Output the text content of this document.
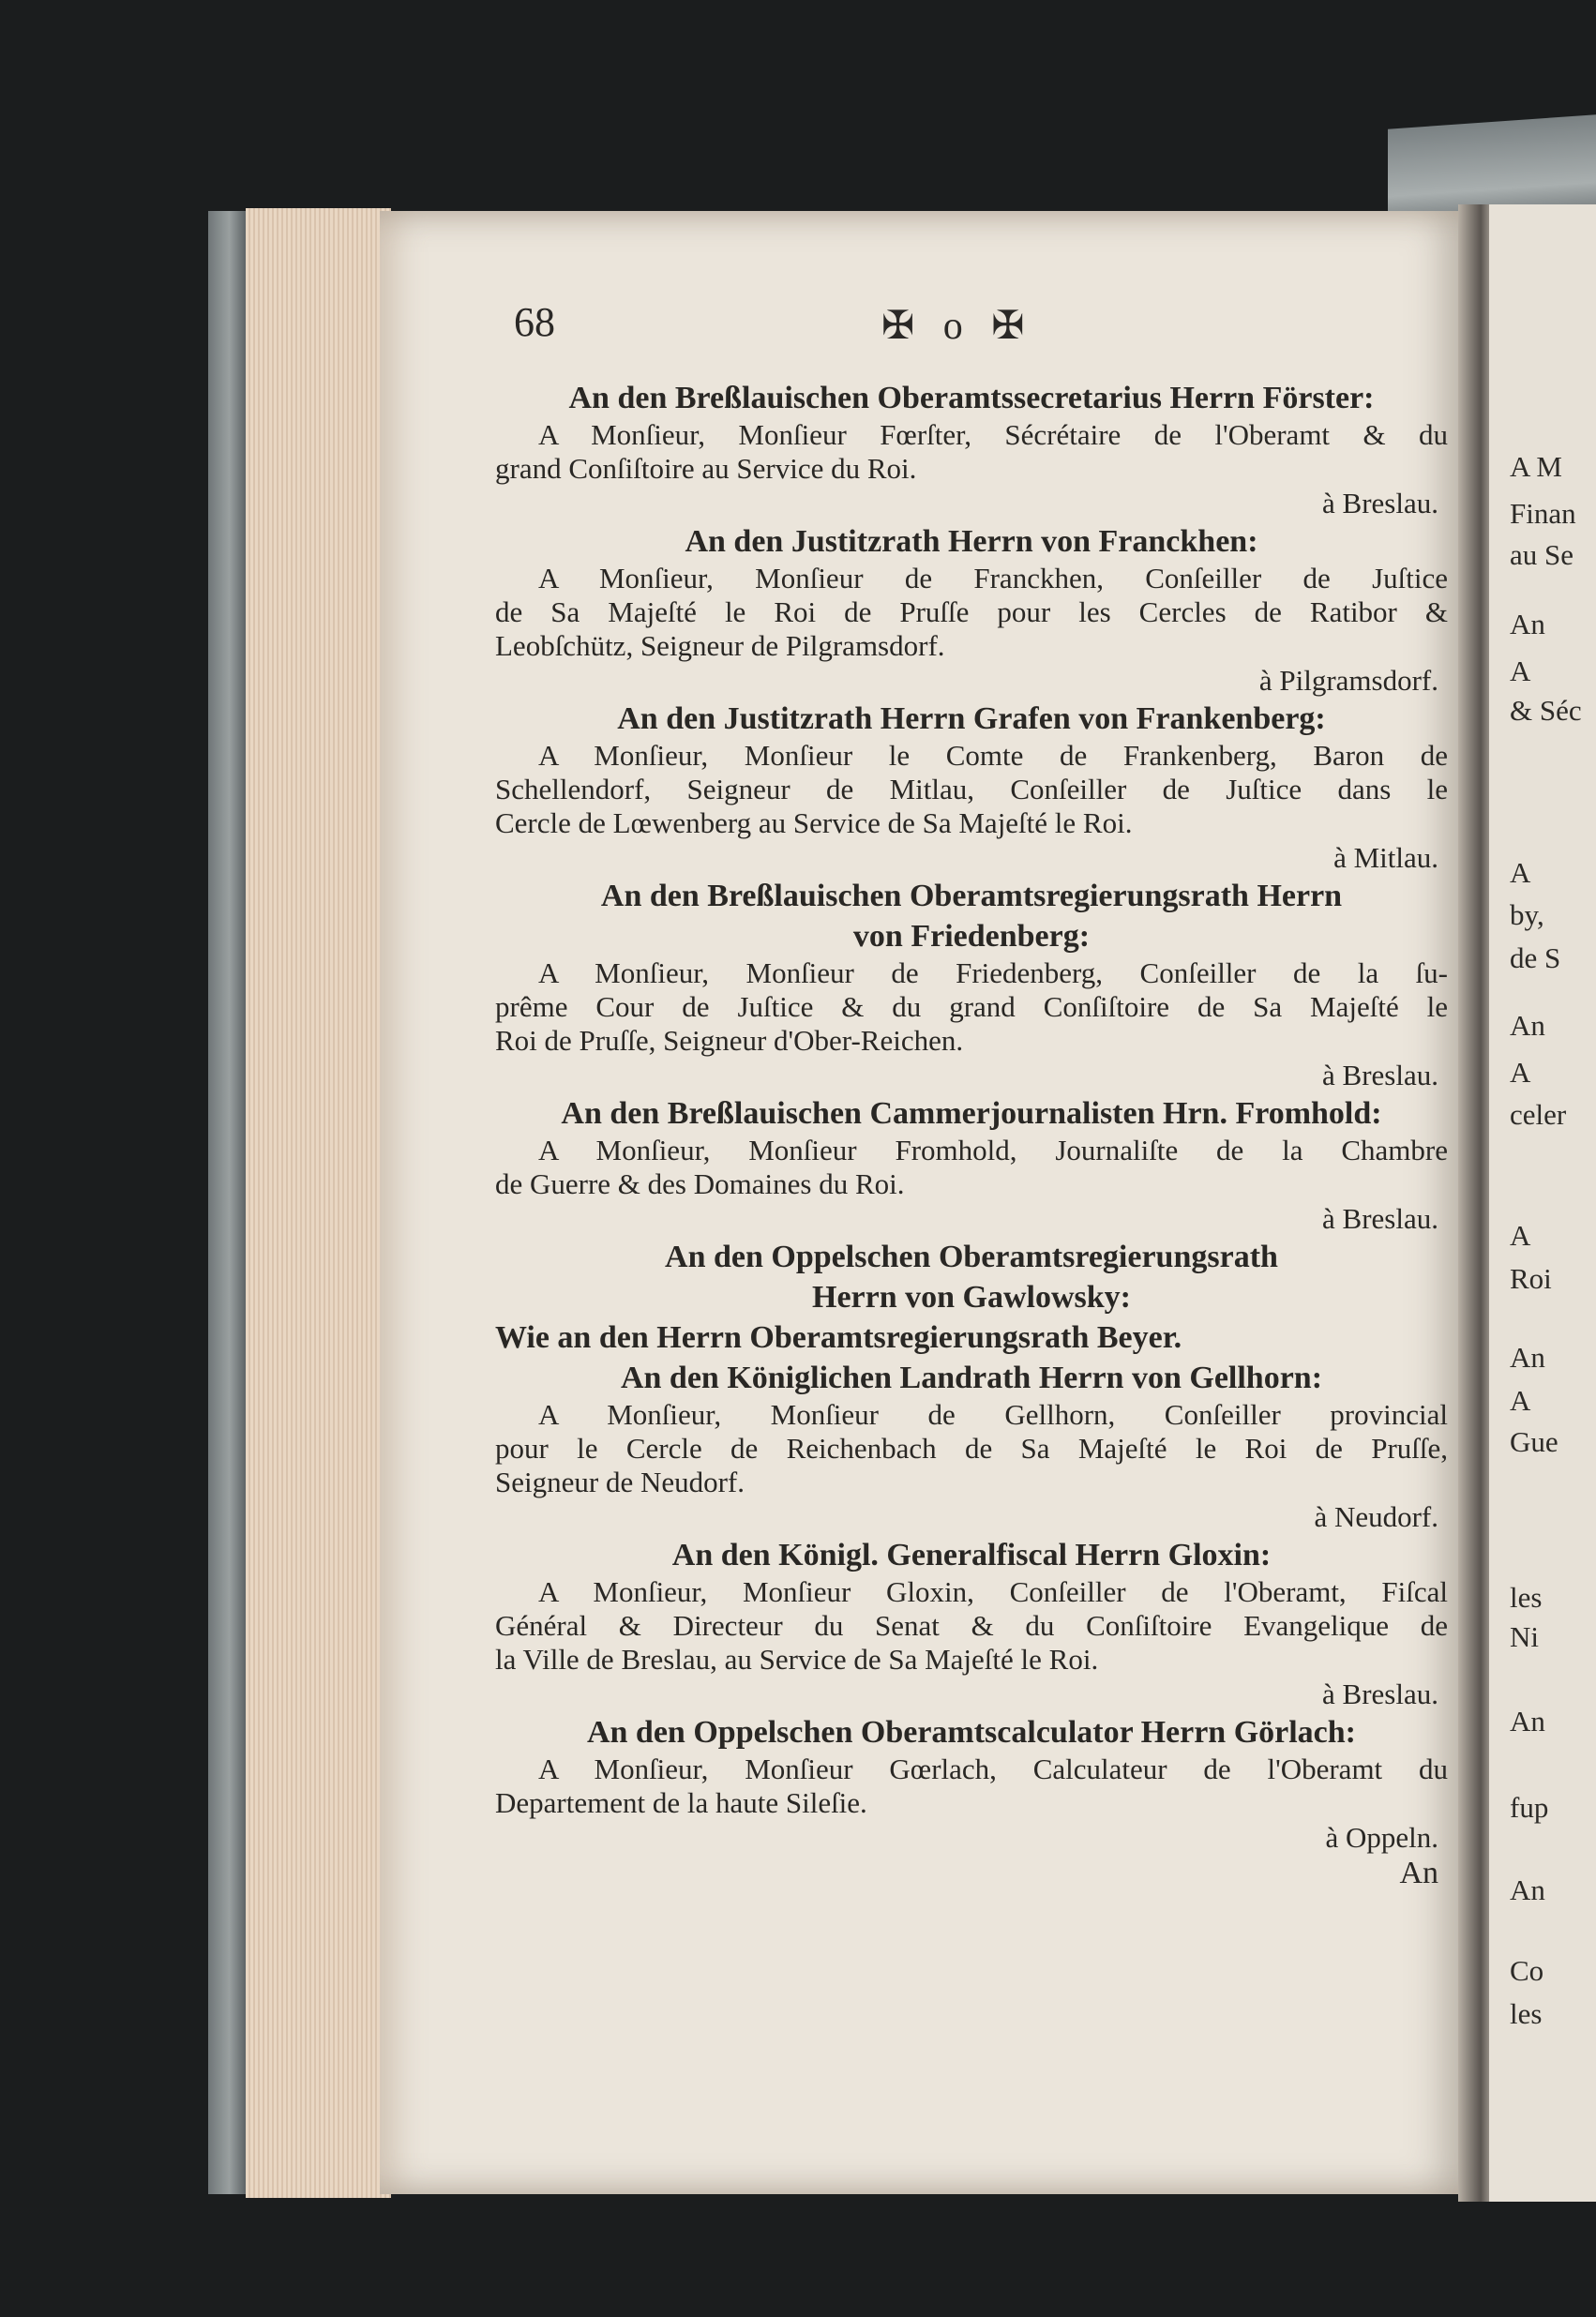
A M
Finan
au Se
An
A
& Séc
A
by,
de S
An
A
celer
A
Roi
An
A
Gue
les
Ni
An
fup
An
Co
les
68	✠ o ✠
An den Breßlauischen Oberamtssecretarius Herrn Förster:
A Monſieur, Monſieur Fœrſter, Sécrétaire de l'Oberamt & du
grand Conſiſtoire au Service du Roi.
à Breslau.
An den Justitzrath Herrn von Franckhen:
A Monſieur, Monſieur de Franckhen, Conſeiller de Juſtice
de Sa Majeſté le Roi de Pruſſe pour les Cercles de Ratibor &
Leobſchütz, Seigneur de Pilgramsdorf.
à Pilgramsdorf.
An den Justitzrath Herrn Grafen von Frankenberg:
A Monſieur, Monſieur le Comte de Frankenberg, Baron de
Schellendorf, Seigneur de Mitlau, Conſeiller de Juſtice dans le
Cercle de Lœwenberg au Service de Sa Majeſté le Roi.
à Mitlau.
An den Breßlauischen Oberamtsregierungsrath Herrn
von Friedenberg:
A Monſieur, Monſieur de Friedenberg, Conſeiller de la ſu-
prême Cour de Juſtice & du grand Conſiſtoire de Sa Majeſté le
Roi de Pruſſe, Seigneur d'Ober-Reichen.
à Breslau.
An den Breßlauischen Cammerjournalisten Hrn. Fromhold:
A Monſieur, Monſieur Fromhold, Journaliſte de la Chambre
de Guerre & des Domaines du Roi.
à Breslau.
An den Oppelschen Oberamtsregierungsrath
Herrn von Gawlowsky:
Wie an den Herrn Oberamtsregierungsrath Beyer.
An den Königlichen Landrath Herrn von Gellhorn:
A Monſieur, Monſieur de Gellhorn, Conſeiller provincial
pour le Cercle de Reichenbach de Sa Majeſté le Roi de Pruſſe,
Seigneur de Neudorf.
à Neudorf.
An den Königl. Generalfiscal Herrn Gloxin:
A Monſieur, Monſieur Gloxin, Conſeiller de l'Oberamt, Fiſcal
Général & Directeur du Senat & du Conſiſtoire Evangelique de
la Ville de Breslau, au Service de Sa Majeſté le Roi.
à Breslau.
An den Oppelschen Oberamtscalculator Herrn Görlach:
A Monſieur, Monſieur Gœrlach, Calculateur de l'Oberamt du
Departement de la haute Sileſie.
à Oppeln.
An
